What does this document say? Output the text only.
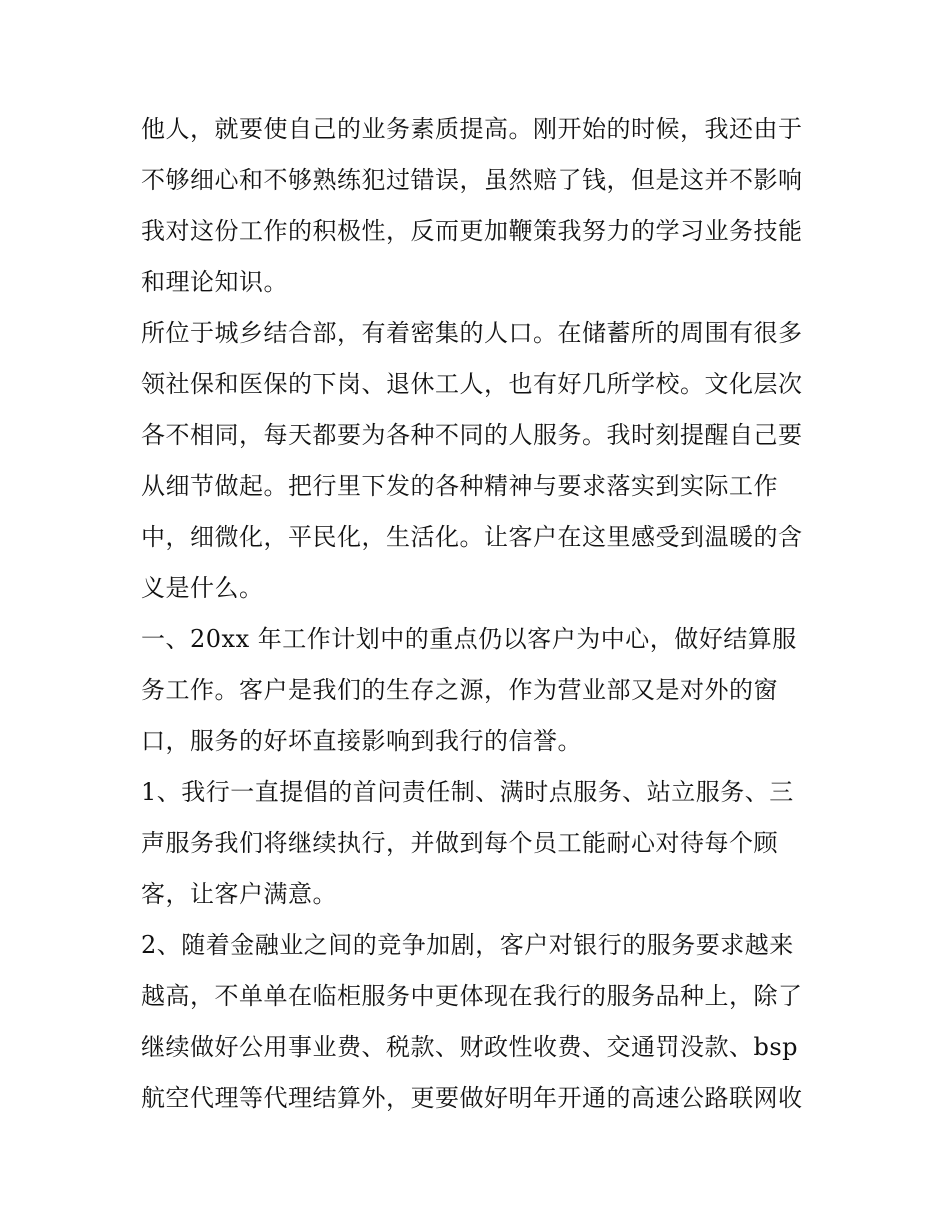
他人，就要使自己的业务素质提高。刚开始的时候，我还由于
不够细心和不够熟练犯过错误，虽然赔了钱，但是这并不影响
我对这份工作的积极性，反而更加鞭策我努力的学习业务技能
和理论知识。
所位于城乡结合部，有着密集的人口。在储蓄所的周围有很多
领社保和医保的下岗、退休工人，也有好几所学校。文化层次
各不相同，每天都要为各种不同的人服务。我时刻提醒自己要
从细节做起。把行里下发的各种精神与要求落实到实际工作
中，细微化，平民化，生活化。让客户在这里感受到温暖的含
义是什么。
一、20xx 年工作计划中的重点仍以客户为中心，做好结算服
务工作。客户是我们的生存之源，作为营业部又是对外的窗
口，服务的好坏直接影响到我行的信誉。
1、我行一直提倡的首问责任制、满时点服务、站立服务、三
声服务我们将继续执行，并做到每个员工能耐心对待每个顾
客，让客户满意。
2、随着金融业之间的竞争加剧，客户对银行的服务要求越来
越高，不单单在临柜服务中更体现在我行的服务品种上，除了
继续做好公用事业费、税款、财政性收费、交通罚没款、bsp
航空代理等代理结算外，更要做好明年开通的高速公路联网收
